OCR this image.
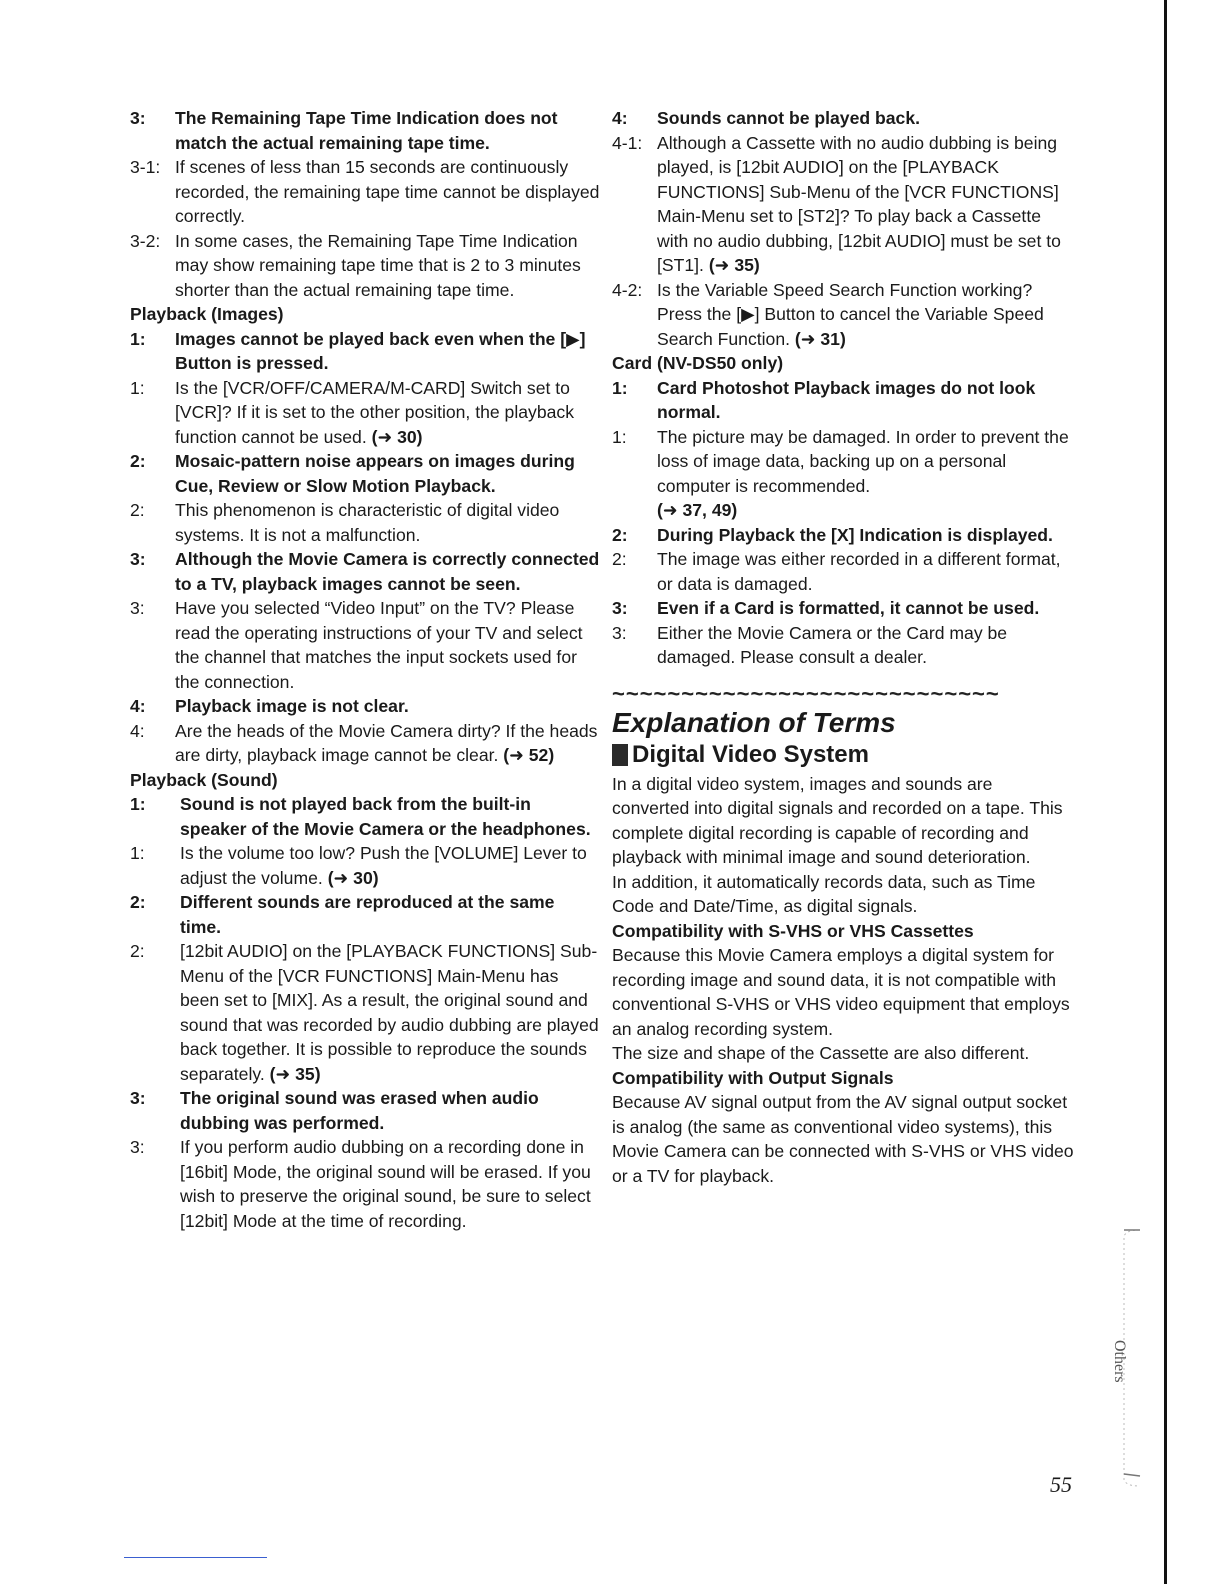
3:	The Remaining Tape Time Indication does not match the actual remaining tape time.
3-1: If scenes of less than 15 seconds are continuously recorded, the remaining tape time cannot be displayed correctly.
3-2: In some cases, the Remaining Tape Time Indication may show remaining tape time that is 2 to 3 minutes shorter than the actual remaining tape time.
Playback (Images)
1:	Images cannot be played back even when the [▶] Button is pressed.
1:	Is the [VCR/OFF/CAMERA/M-CARD] Switch set to [VCR]? If it is set to the other position, the playback function cannot be used. (➜ 30)
2:	Mosaic-pattern noise appears on images during Cue, Review or Slow Motion Playback.
2:	This phenomenon is characteristic of digital video systems. It is not a malfunction.
3:	Although the Movie Camera is correctly connected to a TV, playback images cannot be seen.
3:	Have you selected “Video Input” on the TV? Please read the operating instructions of your TV and select the channel that matches the input sockets used for the connection.
4:	Playback image is not clear.
4:	Are the heads of the Movie Camera dirty? If the heads are dirty, playback image cannot be clear. (➜ 52)
Playback (Sound)
1:	Sound is not played back from the built-in speaker of the Movie Camera or the headphones.
1:	Is the volume too low? Push the [VOLUME] Lever to adjust the volume. (➜ 30)
2:	Different sounds are reproduced at the same time.
2:	[12bit AUDIO] on the [PLAYBACK FUNCTIONS] Sub-Menu of the [VCR FUNCTIONS] Main-Menu has been set to [MIX]. As a result, the original sound and sound that was recorded by audio dubbing are played back together. It is possible to reproduce the sounds separately. (➜ 35)
3:	The original sound was erased when audio dubbing was performed.
3:	If you perform audio dubbing on a recording done in [16bit] Mode, the original sound will be erased. If you wish to preserve the original sound, be sure to select [12bit] Mode at the time of recording.
4:	Sounds cannot be played back.
4-1: Although a Cassette with no audio dubbing is being played, is [12bit AUDIO] on the [PLAYBACK FUNCTIONS] Sub-Menu of the [VCR FUNCTIONS] Main-Menu set to [ST2]? To play back a Cassette with no audio dubbing, [12bit AUDIO] must be set to [ST1]. (➜ 35)
4-2: Is the Variable Speed Search Function working? Press the [▶] Button to cancel the Variable Speed Search Function. (➜ 31)
Card (NV-DS50 only)
1:	Card Photoshot Playback images do not look normal.
1:	The picture may be damaged. In order to prevent the loss of image data, backing up on a personal computer is recommended.
(➜ 37, 49)
2:	During Playback the [X] Indication is displayed.
2:	The image was either recorded in a different format, or data is damaged.
3:	Even if a Card is formatted, it cannot be used.
3:	Either the Movie Camera or the Card may be damaged. Please consult a dealer.
~~~~~~~~~~~~~~~~~~~~~~~~~~~~
Explanation of Terms
Digital Video System

In a digital video system, images and sounds are converted into digital signals and recorded on a tape. This complete digital recording is capable of recording and playback with minimal image and sound deterioration.

In addition, it automatically records data, such as Time Code and Date/Time, as digital signals.

Compatibility with S-VHS or VHS Cassettes

Because this Movie Camera employs a digital system for recording image and sound data, it is not compatible with conventional S-VHS or VHS video equipment that employs an analog recording system.

The size and shape of the Cassette are also different.

Compatibility with Output Signals

Because AV signal output from the AV signal output socket is analog (the same as conventional video systems), this Movie Camera can be connected with S-VHS or VHS video or a TV for playback.

Others
55
